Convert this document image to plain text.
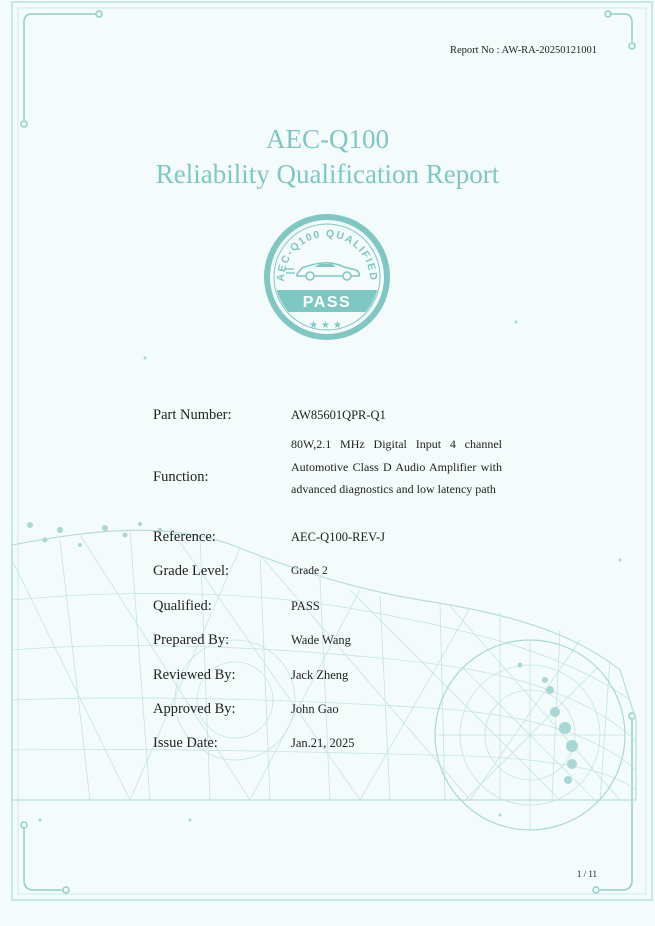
Report No : AW-RA-20250121001
AEC-Q100
Reliability Qualification Report
AEC-Q100 QUALIFIED
PASS
★★★
Part Number:	AW85601QPR-Q1
Function:
80W,2.1 MHz Digital Input 4 channel Automotive Class D Audio Amplifier with advanced diagnostics and low latency path
Reference:	AEC-Q100-REV-J
Grade Level:	Grade 2
Qualified:	PASS
Prepared By:	Wade Wang
Reviewed By:	Jack Zheng
Approved By:	John Gao
Issue Date:	Jan.21, 2025
1 / 11
